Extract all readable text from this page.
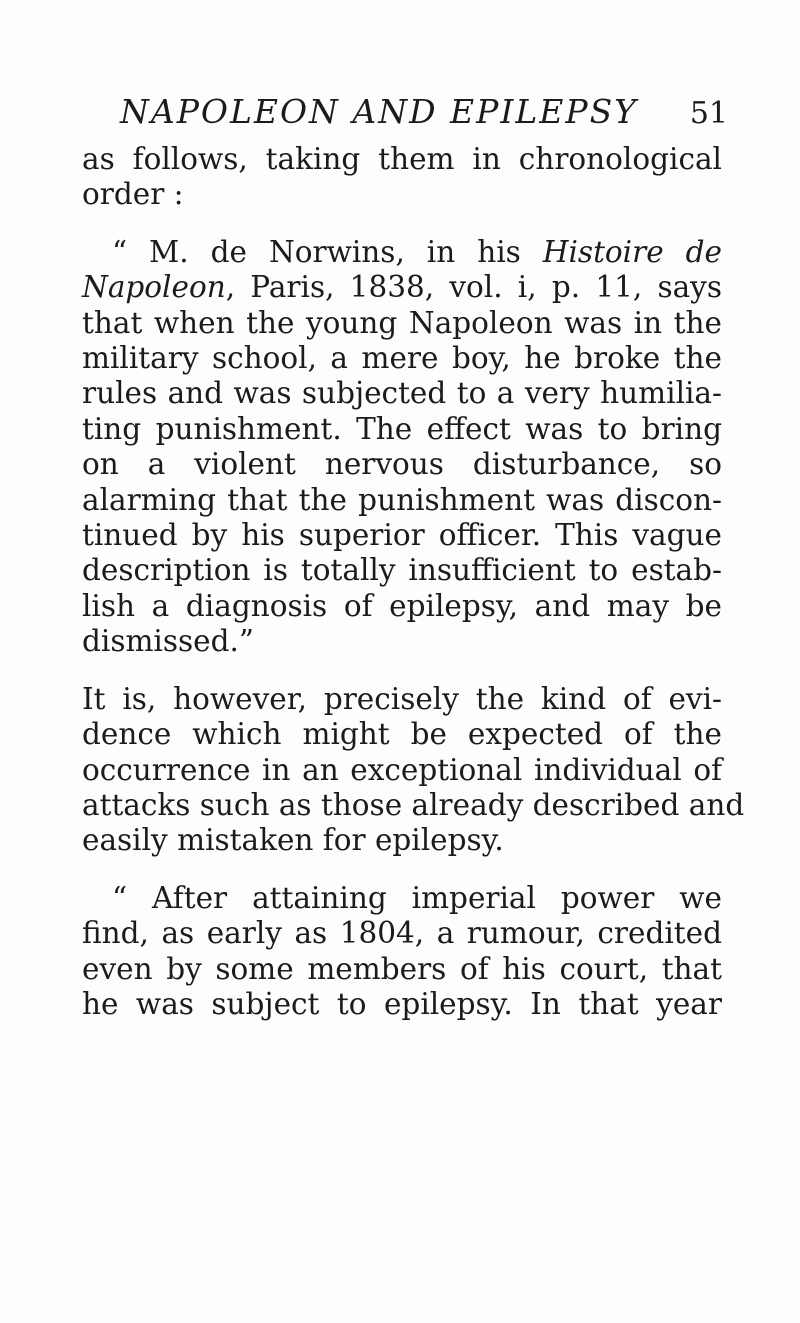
NAPOLEON AND EPILEPSY 51

as follows, taking them in chronological
order :

“ M. de Norwins, in his Histoire de
Napoleon, Paris, 1838, vol. i, p. 11, says
that when the young Napoleon was in the
military school, a mere boy, he broke the
rules and was subjected to a very humilia-
ting punishment. The effect was to bring
on a violent nervous disturbance, so
alarming that the punishment was discon-
tinued by his superior officer. This vague
description is totally insufficient to estab-
lish a diagnosis of epilepsy, and may be
dismissed.”

It is, however, precisely the kind of evi-
dence which might be expected of the
occurrence in an exceptional individual of
attacks such as those already described and
easily mistaken for epilepsy.

“ After attaining imperial power we
find, as early as 1804, a rumour, credited
even by some members of his court, that
he was subject to epilepsy. In that year
